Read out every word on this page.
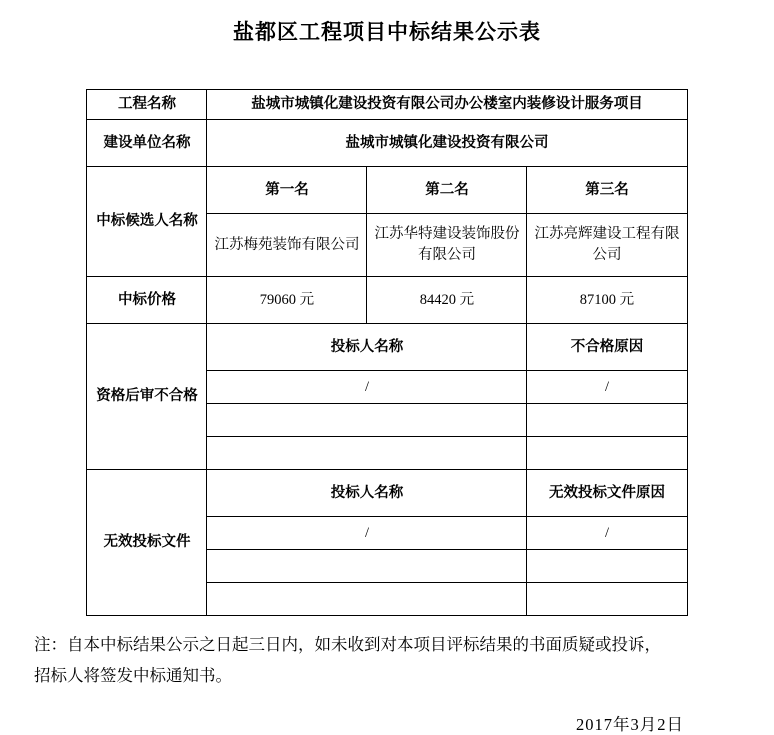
盐都区工程项目中标结果公示表
工程名称	盐城市城镇化建设投资有限公司办公楼室内装修设计服务项目		
建设单位名称	盐城市城镇化建设投资有限公司		
中标候选人名称	第一名	第二名	第三名
	江苏梅苑装饰有限公司	江苏华特建设装饰股份有限公司	江苏亮辉建设工程有限公司
中标价格	79060 元	84420 元	87100 元
资格后审不合格	投标人名称		不合格原因
	/		/

无效投标文件	投标人名称		无效投标文件原因
	/		/

注：自本中标结果公示之日起三日内，如未收到对本项目评标结果的书面质疑或投诉，
招标人将签发中标通知书。
2017年3月2日
